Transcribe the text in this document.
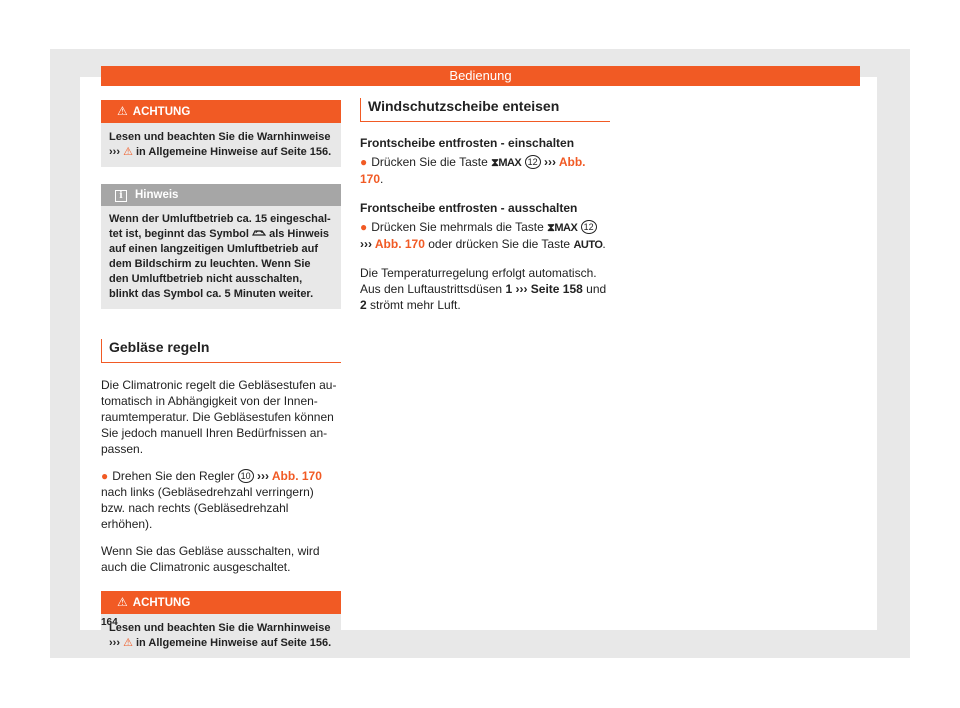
Bedienung
⚠ ACHTUNG
Lesen und beachten Sie die Warnhinweise
››› ⚠ in Allgemeine Hinweise auf Seite 156.
i Hinweis
Wenn der Umluftbetrieb ca. 15 eingeschal-tet ist, beginnt das Symbol  als Hinweis auf einen langzeitigen Umluftbetrieb auf dem Bildschirm zu leuchten. Wenn Sie den Umluftbetrieb nicht ausschalten, blinkt das Symbol ca. 5 Minuten weiter.
Gebläse regeln

Die Climatronic regelt die Gebläsestufen au-tomatisch in Abhängigkeit von der Innen-raumtemperatur. Die Gebläsestufen können Sie jedoch manuell Ihren Bedürfnissen an-passen.

● Drehen Sie den Regler 10 ››› Abb. 170 nach links (Gebläsedrehzahl verringern) bzw. nach rechts (Gebläsedrehzahl erhöhen).

Wenn Sie das Gebläse ausschalten, wird auch die Climatronic ausgeschaltet.

⚠ ACHTUNG
Lesen und beachten Sie die Warnhinweise
››› ⚠ in Allgemeine Hinweise auf Seite 156.
Windschutzscheibe enteisen
Frontscheibe entfrosten - einschalten

● Drücken Sie die Taste ⧗MAX 12 ››› Abb. 170.

Frontscheibe entfrosten - ausschalten

● Drücken Sie mehrmals die Taste ⧗MAX 12
››› Abb. 170 oder drücken Sie die Taste AUTO.

Die Temperaturregelung erfolgt automatisch. Aus den Luftaustrittsdüsen 1 ››› Seite 158 und
2 strömt mehr Luft.

164
